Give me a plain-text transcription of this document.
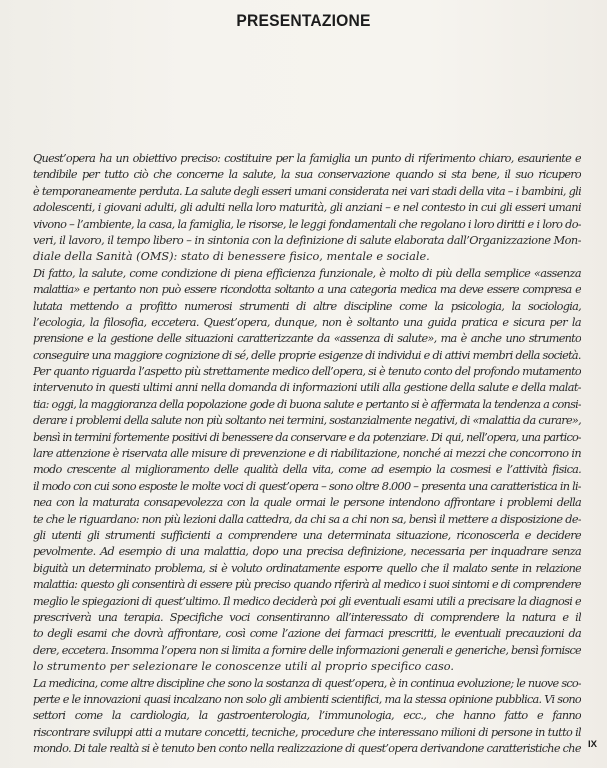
PRESENTAZIONE
Quest’opera ha un obiettivo preciso: costituire per la famiglia un punto di riferimento chiaro, esauriente e
tendibile per tutto ciò che concerne la salute, la sua conservazione quando si sta bene, il suo ricupero
è temporaneamente perduta. La salute degli esseri umani considerata nei vari stadi della vita – i bambini, gli
adolescenti, i giovani adulti, gli adulti nella loro maturità, gli anziani – e nel contesto in cui gli esseri umani
vivono – l’ambiente, la casa, la famiglia, le risorse, le leggi fondamentali che regolano i loro diritti e i loro do-
veri, il lavoro, il tempo libero – in sintonia con la definizione di salute elaborata dall’Organizzazione Mon-
diale della Sanità (OMS): stato di benessere fisico, mentale e sociale.
Di fatto, la salute, come condizione di piena efficienza funzionale, è molto di più della semplice «assenza
malattia» e pertanto non può essere ricondotta soltanto a una categoria medica ma deve essere compresa e
lutata mettendo a profitto numerosi strumenti di altre discipline come la psicologia, la sociologia,
l’ecologia, la filosofia, eccetera. Quest’opera, dunque, non è soltanto una guida pratica e sicura per la
prensione e la gestione delle situazioni caratterizzante da «assenza di salute», ma è anche uno strumento
conseguire una maggiore cognizione di sé, delle proprie esigenze di individui e di attivi membri della società.
Per quanto riguarda l’aspetto più strettamente medico dell’opera, si è tenuto conto del profondo mutamento
intervenuto in questi ultimi anni nella domanda di informazioni utili alla gestione della salute e della malat-
tia: oggi, la maggioranza della popolazione gode di buona salute e pertanto si è affermata la tendenza a consi-
derare i problemi della salute non più soltanto nei termini, sostanzialmente negativi, di «malattia da curare»,
bensì in termini fortemente positivi di benessere da conservare e da potenziare. Di qui, nell’opera, una partico-
lare attenzione è riservata alle misure di prevenzione e di riabilitazione, nonché ai mezzi che concorrono in
modo crescente al miglioramento delle qualità della vita, come ad esempio la cosmesi e l’attività fisica.
il modo con cui sono esposte le molte voci di quest’opera – sono oltre 8.000 – presenta una caratteristica in li-
nea con la maturata consapevolezza con la quale ormai le persone intendono affrontare i problemi della
te che le riguardano: non più lezioni dalla cattedra, da chi sa a chi non sa, bensì il mettere a disposizione de-
gli utenti gli strumenti sufficienti a comprendere una determinata situazione, riconoscerla e decidere
pevolmente. Ad esempio di una malattia, dopo una precisa definizione, necessaria per inquadrare senza
biguità un determinato problema, si è voluto ordinatamente esporre quello che il malato sente in relazione
malattia: questo gli consentirà di essere più preciso quando riferirà al medico i suoi sintomi e di comprendere
meglio le spiegazioni di quest’ultimo. Il medico deciderà poi gli eventuali esami utili a precisare la diagnosi e
prescriverà una terapia. Specifiche voci consentiranno all’interessato di comprendere la natura e il
to degli esami che dovrà affrontare, così come l’azione dei farmaci prescritti, le eventuali precauzioni da
dere, eccetera. Insomma l’opera non si limita a fornire delle informazioni generali e generiche, bensì fornisce
lo strumento per selezionare le conoscenze utili al proprio specifico caso.
La medicina, come altre discipline che sono la sostanza di quest’opera, è in continua evoluzione; le nuove sco-
perte e le innovazioni quasi incalzano non solo gli ambienti scientifici, ma la stessa opinione pubblica. Vi sono
settori come la cardiologia, la gastroenterologia, l’immunologia, ecc., che hanno fatto e fanno
riscontrare sviluppi atti a mutare concetti, tecniche, procedure che interessano milioni di persone in tutto il
mondo. Di tale realtà si è tenuto ben conto nella realizzazione di quest’opera derivandone caratteristiche che IX
